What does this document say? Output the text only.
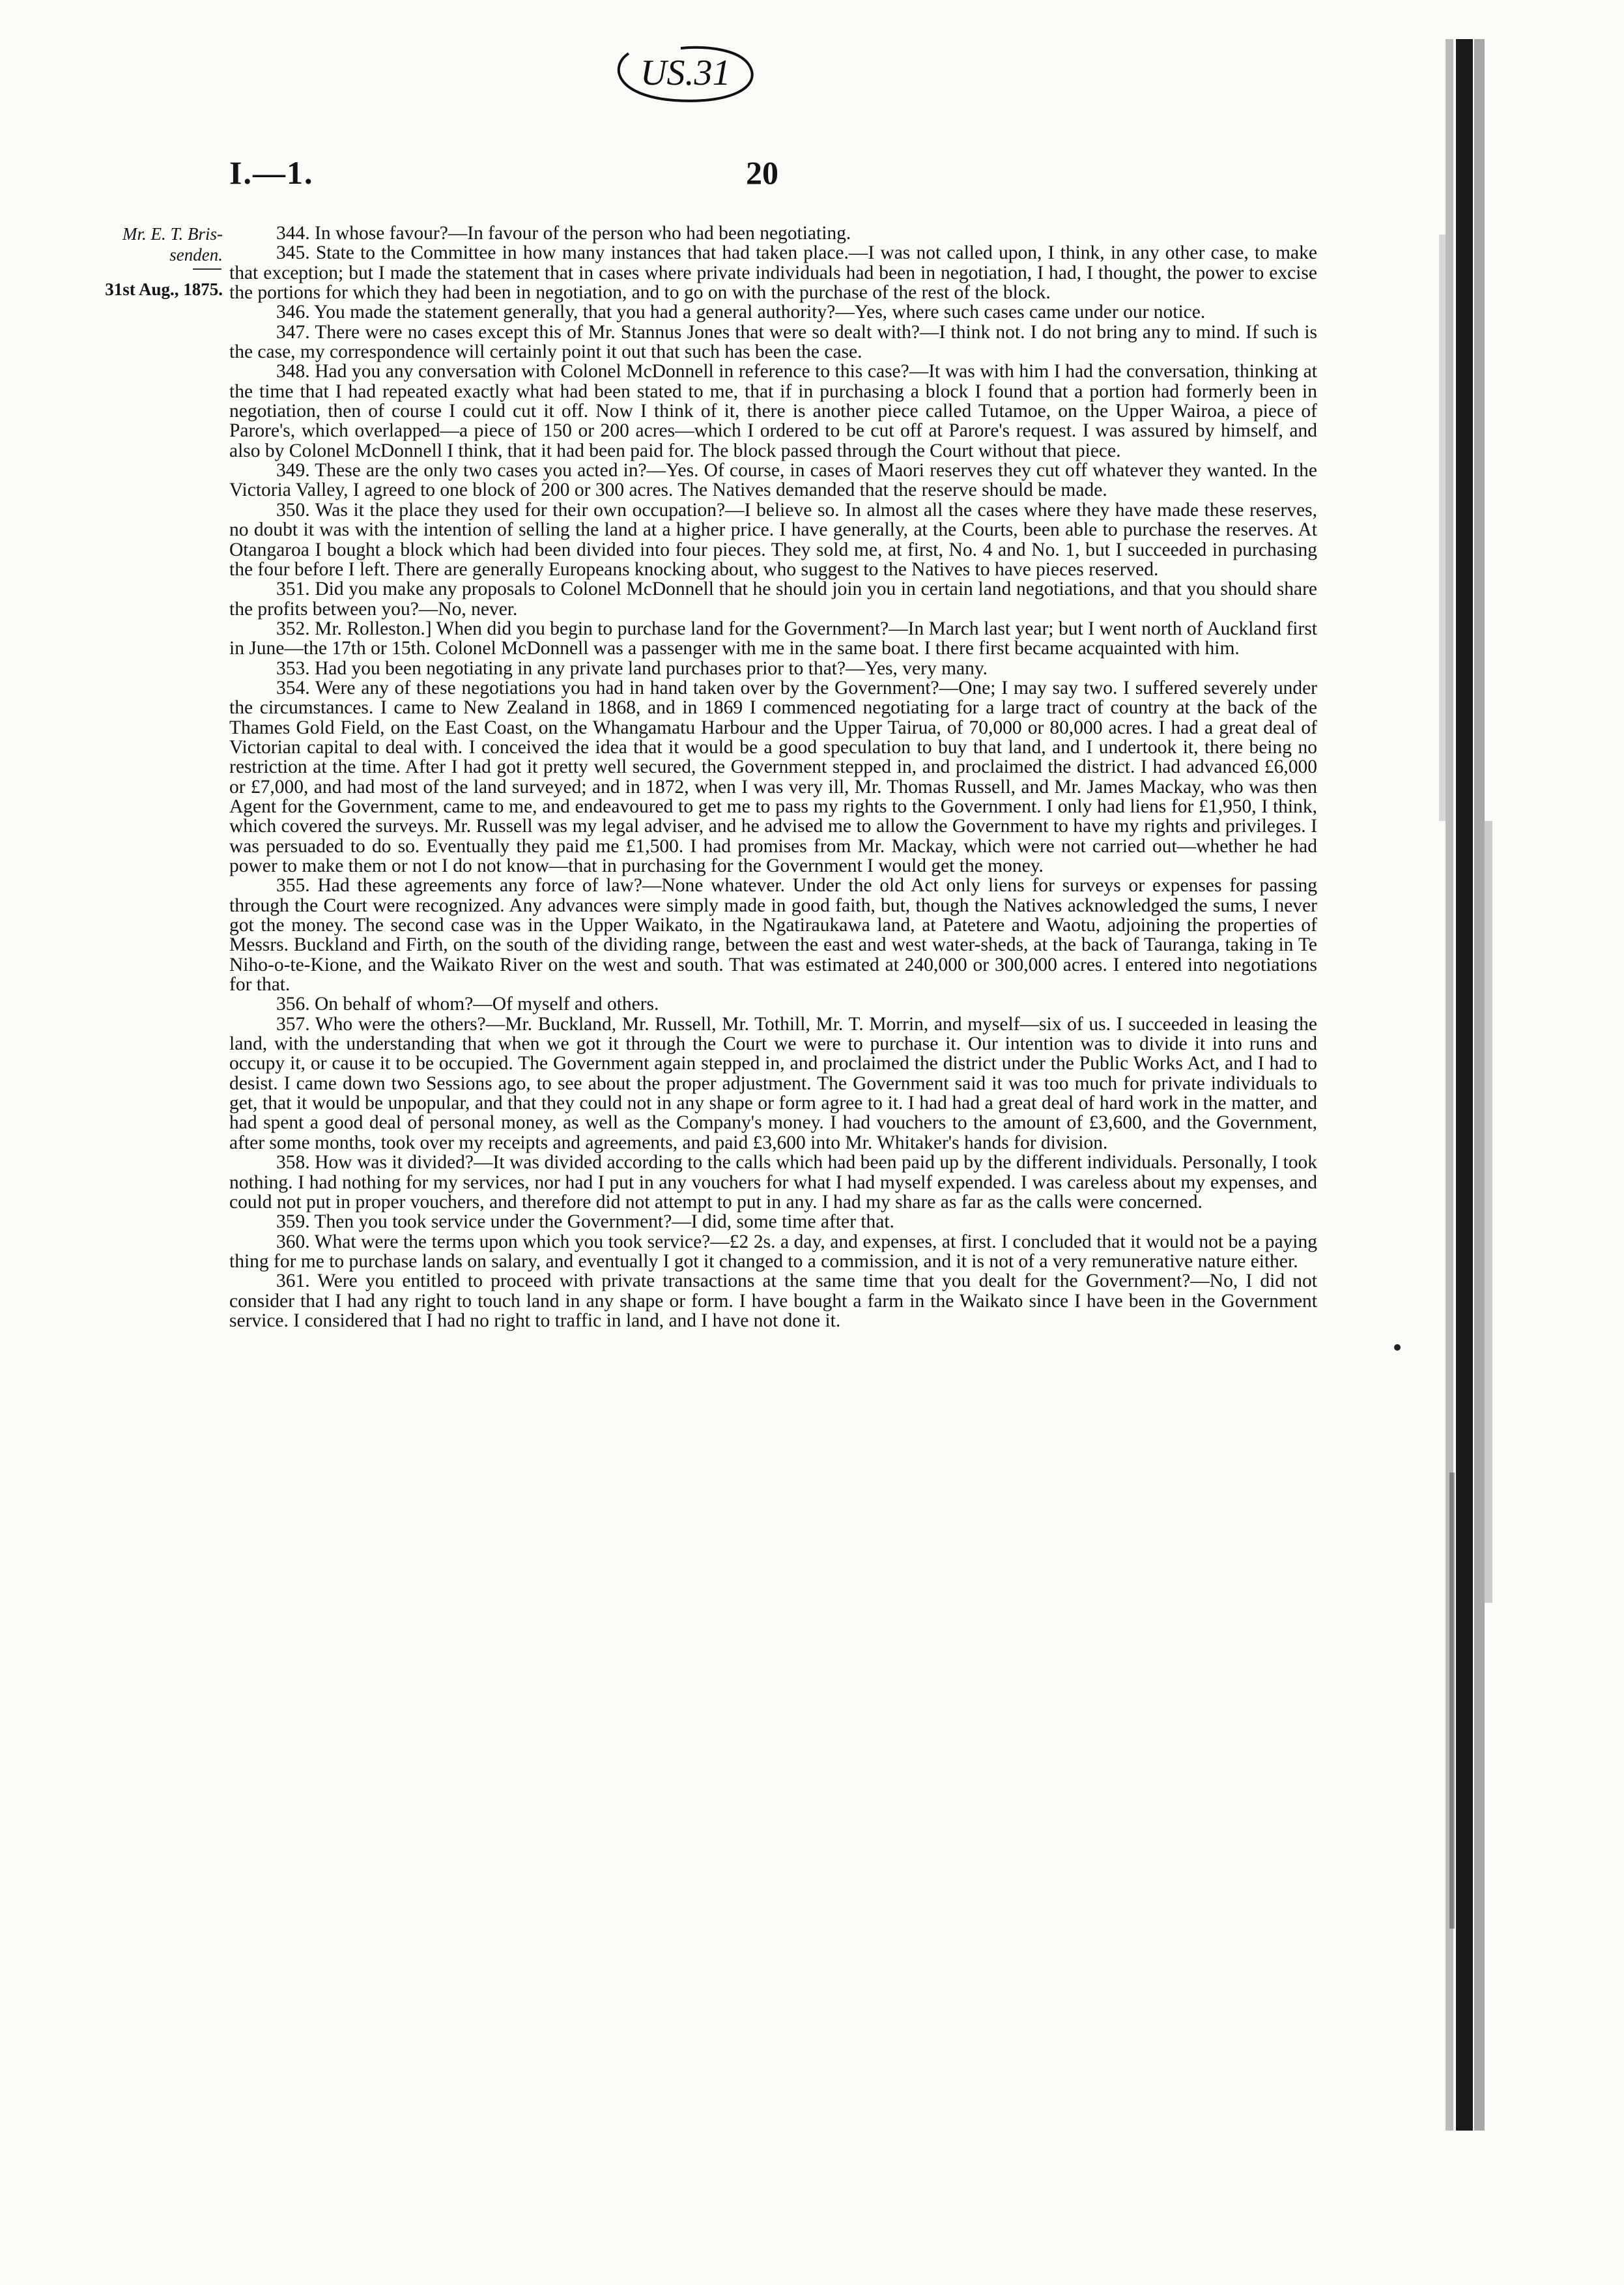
US.31
I.—1.	20
Mr. E. T. Bris-
senden.
31st Aug., 1875.

344. In whose favour?—In favour of the person who had been negotiating.

345. State to the Committee in how many instances that had taken place.—I was not called upon, I think, in any other case, to make that exception; but I made the statement that in cases where private individuals had been in negotiation, I had, I thought, the power to excise the portions for which they had been in negotiation, and to go on with the purchase of the rest of the block.

346. You made the statement generally, that you had a general authority?—Yes, where such cases came under our notice.

347. There were no cases except this of Mr. Stannus Jones that were so dealt with?—I think not. I do not bring any to mind. If such is the case, my correspondence will certainly point it out that such has been the case.

348. Had you any conversation with Colonel McDonnell in reference to this case?—It was with him I had the conversation, thinking at the time that I had repeated exactly what had been stated to me, that if in purchasing a block I found that a portion had formerly been in negotiation, then of course I could cut it off. Now I think of it, there is another piece called Tutamoe, on the Upper Wairoa, a piece of Parore's, which overlapped—a piece of 150 or 200 acres—which I ordered to be cut off at Parore's request. I was assured by himself, and also by Colonel McDonnell I think, that it had been paid for. The block passed through the Court without that piece.

349. These are the only two cases you acted in?—Yes. Of course, in cases of Maori reserves they cut off whatever they wanted. In the Victoria Valley, I agreed to one block of 200 or 300 acres. The Natives demanded that the reserve should be made.

350. Was it the place they used for their own occupation?—I believe so. In almost all the cases where they have made these reserves, no doubt it was with the intention of selling the land at a higher price. I have generally, at the Courts, been able to purchase the reserves. At Otangaroa I bought a block which had been divided into four pieces. They sold me, at first, No. 4 and No. 1, but I succeeded in purchasing the four before I left. There are generally Europeans knocking about, who suggest to the Natives to have pieces reserved.

351. Did you make any proposals to Colonel McDonnell that he should join you in certain land negotiations, and that you should share the profits between you?—No, never.

352. Mr. Rolleston.] When did you begin to purchase land for the Government?—In March last year; but I went north of Auckland first in June—the 17th or 15th. Colonel McDonnell was a passenger with me in the same boat. I there first became acquainted with him.

353. Had you been negotiating in any private land purchases prior to that?—Yes, very many.

354. Were any of these negotiations you had in hand taken over by the Government?—One; I may say two. I suffered severely under the circumstances. I came to New Zealand in 1868, and in 1869 I commenced negotiating for a large tract of country at the back of the Thames Gold Field, on the East Coast, on the Whangamatu Harbour and the Upper Tairua, of 70,000 or 80,000 acres. I had a great deal of Victorian capital to deal with. I conceived the idea that it would be a good speculation to buy that land, and I undertook it, there being no restriction at the time. After I had got it pretty well secured, the Government stepped in, and proclaimed the district. I had advanced £6,000 or £7,000, and had most of the land surveyed; and in 1872, when I was very ill, Mr. Thomas Russell, and Mr. James Mackay, who was then Agent for the Government, came to me, and endeavoured to get me to pass my rights to the Government. I only had liens for £1,950, I think, which covered the surveys. Mr. Russell was my legal adviser, and he advised me to allow the Government to have my rights and privileges. I was persuaded to do so. Eventually they paid me £1,500. I had promises from Mr. Mackay, which were not carried out—whether he had power to make them or not I do not know—that in purchasing for the Government I would get the money.

355. Had these agreements any force of law?—None whatever. Under the old Act only liens for surveys or expenses for passing through the Court were recognized. Any advances were simply made in good faith, but, though the Natives acknowledged the sums, I never got the money. The second case was in the Upper Waikato, in the Ngatiraukawa land, at Patetere and Waotu, adjoining the properties of Messrs. Buckland and Firth, on the south of the dividing range, between the east and west water-sheds, at the back of Tauranga, taking in Te Niho-o-te-Kione, and the Waikato River on the west and south. That was estimated at 240,000 or 300,000 acres. I entered into negotiations for that.

356. On behalf of whom?—Of myself and others.

357. Who were the others?—Mr. Buckland, Mr. Russell, Mr. Tothill, Mr. T. Morrin, and myself—six of us. I succeeded in leasing the land, with the understanding that when we got it through the Court we were to purchase it. Our intention was to divide it into runs and occupy it, or cause it to be occupied. The Government again stepped in, and proclaimed the district under the Public Works Act, and I had to desist. I came down two Sessions ago, to see about the proper adjustment. The Government said it was too much for private individuals to get, that it would be unpopular, and that they could not in any shape or form agree to it. I had had a great deal of hard work in the matter, and had spent a good deal of personal money, as well as the Company's money. I had vouchers to the amount of £3,600, and the Government, after some months, took over my receipts and agreements, and paid £3,600 into Mr. Whitaker's hands for division.

358. How was it divided?—It was divided according to the calls which had been paid up by the different individuals. Personally, I took nothing. I had nothing for my services, nor had I put in any vouchers for what I had myself expended. I was careless about my expenses, and could not put in proper vouchers, and therefore did not attempt to put in any. I had my share as far as the calls were concerned.

359. Then you took service under the Government?—I did, some time after that.

360. What were the terms upon which you took service?—£2 2s. a day, and expenses, at first. I concluded that it would not be a paying thing for me to purchase lands on salary, and eventually I got it changed to a commission, and it is not of a very remunerative nature either.

361. Were you entitled to proceed with private transactions at the same time that you dealt for the Government?—No, I did not consider that I had any right to touch land in any shape or form. I have bought a farm in the Waikato since I have been in the Government service. I considered that I had no right to traffic in land, and I have not done it.
